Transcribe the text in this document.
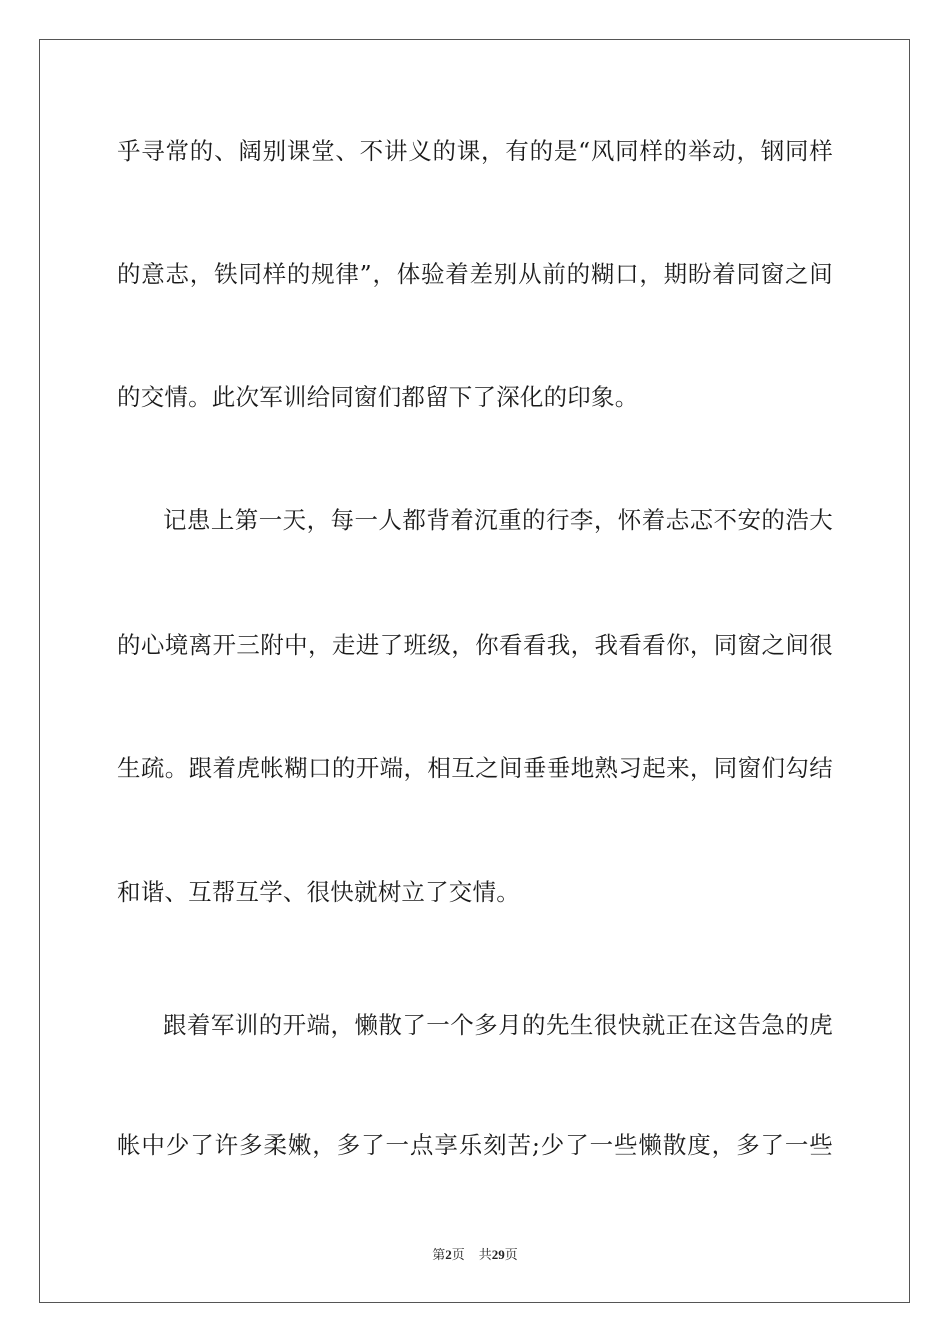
乎寻常的、阔别课堂、不讲义的课，有的是“风同样的举动，钢同样
的意志，铁同样的规律”，体验着差别从前的糊口，期盼着同窗之间
的交情。此次军训给同窗们都留下了深化的印象。
记患上第一天，每一人都背着沉重的行李，怀着忐忑不安的浩大
的心境离开三附中，走进了班级，你看看我，我看看你，同窗之间很
生疏。跟着虎帐糊口的开端，相互之间垂垂地熟习起来，同窗们勾结
和谐、互帮互学、很快就树立了交情。
跟着军训的开端，懒散了一个多月的先生很快就正在这告急的虎
帐中少了许多柔嫩，多了一点享乐刻苦;少了一些懒散度，多了一些
第2页 共29页
